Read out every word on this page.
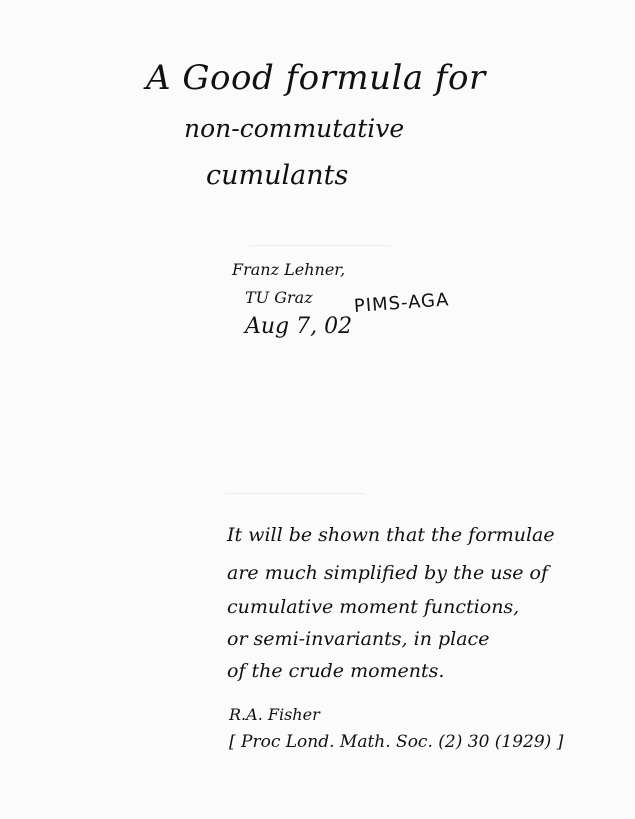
A Good formula for
non-commutative
cumulants
Franz Lehner,
TU Graz
Aug 7, 02
PIMS-AGA
It will be shown that the formulae
are much simplified by the use of
cumulative moment functions,
or semi-invariants, in place
of the crude moments.
R.A. Fisher
[ Proc Lond. Math. Soc. (2) 30 (1929) ]
